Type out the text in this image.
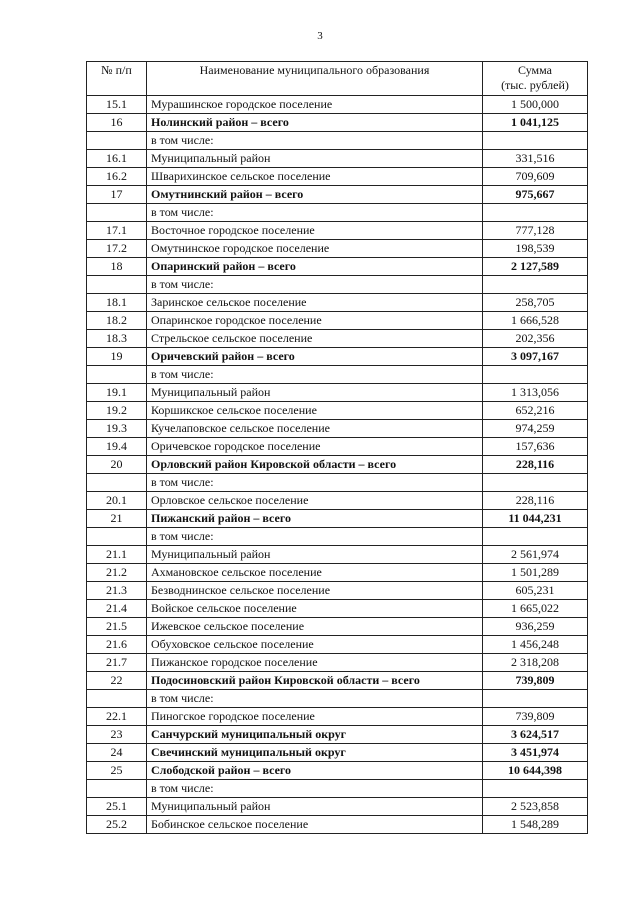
3
№ п/п	Наименование муниципального образования	Сумма
(тыс. рублей)
15.1	Мурашинское городское поселение	1 500,000
16	Нолинский район – всего	1 041,125
	в том числе:	
16.1	Муниципальный район	331,516
16.2	Шварихинское сельское поселение	709,609
17	Омутнинский район – всего	975,667
	в том числе:	
17.1	Восточное городское поселение	777,128
17.2	Омутнинское городское поселение	198,539
18	Опаринский район – всего	2 127,589
	в том числе:	
18.1	Заринское сельское поселение	258,705
18.2	Опаринское городское поселение	1 666,528
18.3	Стрельское сельское поселение	202,356
19	Оричевский район – всего	3 097,167
	в том числе:	
19.1	Муниципальный район	1 313,056
19.2	Коршикское сельское поселение	652,216
19.3	Кучелаповское сельское поселение	974,259
19.4	Оричевское городское поселение	157,636
20	Орловский район Кировской области – всего	228,116
	в том числе:	
20.1	Орловское сельское поселение	228,116
21	Пижанский район – всего	11 044,231
	в том числе:	
21.1	Муниципальный район	2 561,974
21.2	Ахмановское сельское поселение	1 501,289
21.3	Безводнинское сельское поселение	605,231
21.4	Войское сельское поселение	1 665,022
21.5	Ижевское сельское поселение	936,259
21.6	Обуховское сельское поселение	1 456,248
21.7	Пижанское городское поселение	2 318,208
22	Подосиновский район Кировской области – всего	739,809
	в том числе:	
22.1	Пиногское городское поселение	739,809
23	Санчурский муниципальный округ	3 624,517
24	Свечинский муниципальный округ	3 451,974
25	Слободской район – всего	10 644,398
	в том числе:	
25.1	Муниципальный район	2 523,858
25.2	Бобинское сельское поселение	1 548,289
